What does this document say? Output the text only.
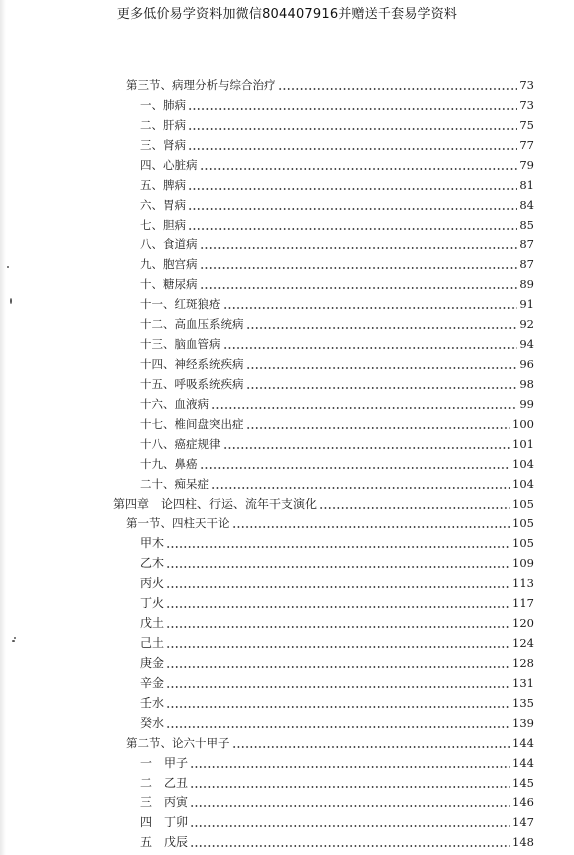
更多低价易学资料加微信804407916并赠送千套易学资料
第三节、病理分析与综合治疗	73
一、肺病	73
二、肝病	75
三、肾病	77
四、心脏病	79
五、脾病	81
六、胃病	84
七、胆病	85
八、食道病	87
九、胞宫病	87
十、糖尿病	89
十一、红斑狼疮	91
十二、高血压系统病	92
十三、脑血管病	94
十四、神经系统疾病	96
十五、呼吸系统疾病	98
十六、血液病	99
十七、椎间盘突出症	100
十八、癌症规律	101
十九、鼻癌	104
二十、痴呆症	104
第四章　论四柱、行运、流年干支演化	105
第一节、四柱天干论	105
甲木	105
乙木	109
丙火	113
丁火	117
戊土	120
己土	124
庚金	128
辛金	131
壬水	135
癸水	139
第二节、论六十甲子	144
一　甲子	144
二　乙丑	145
三　丙寅	146
四　丁卯	147
五　戊辰	148
